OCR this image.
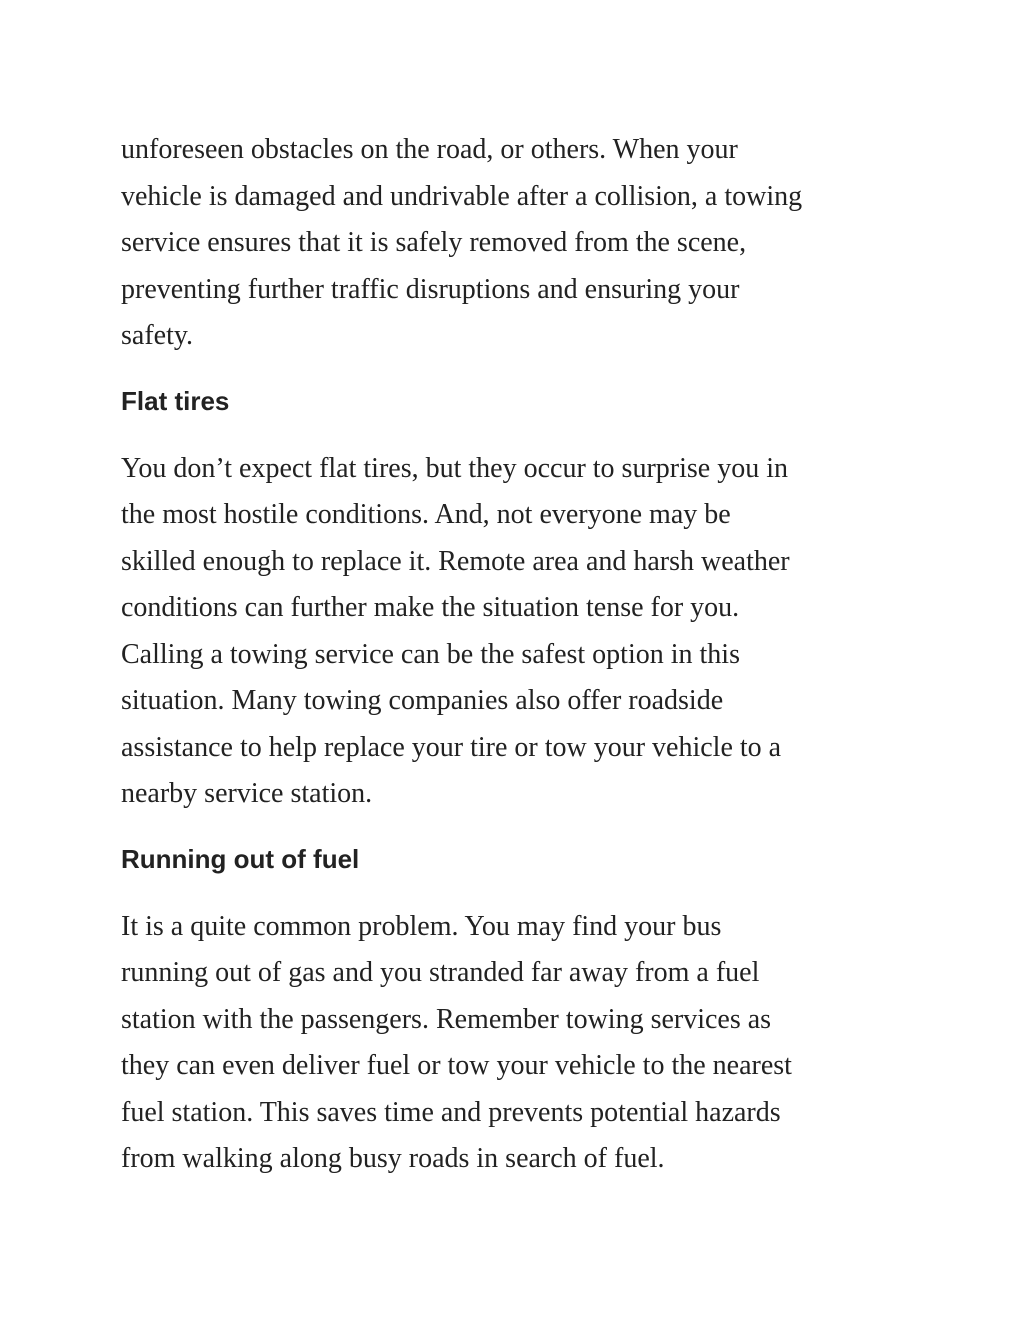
unforeseen obstacles on the road, or others. When your
vehicle is damaged and undrivable after a collision, a towing
service ensures that it is safely removed from the scene,
preventing further traffic disruptions and ensuring your
safety.

Flat tires

You don’t expect flat tires, but they occur to surprise you in
the most hostile conditions. And, not everyone may be
skilled enough to replace it. Remote area and harsh weather
conditions can further make the situation tense for you.
Calling a towing service can be the safest option in this
situation. Many towing companies also offer roadside
assistance to help replace your tire or tow your vehicle to a
nearby service station.

Running out of fuel

It is a quite common problem. You may find your bus
running out of gas and you stranded far away from a fuel
station with the passengers. Remember towing services as
they can even deliver fuel or tow your vehicle to the nearest
fuel station. This saves time and prevents potential hazards
from walking along busy roads in search of fuel.
